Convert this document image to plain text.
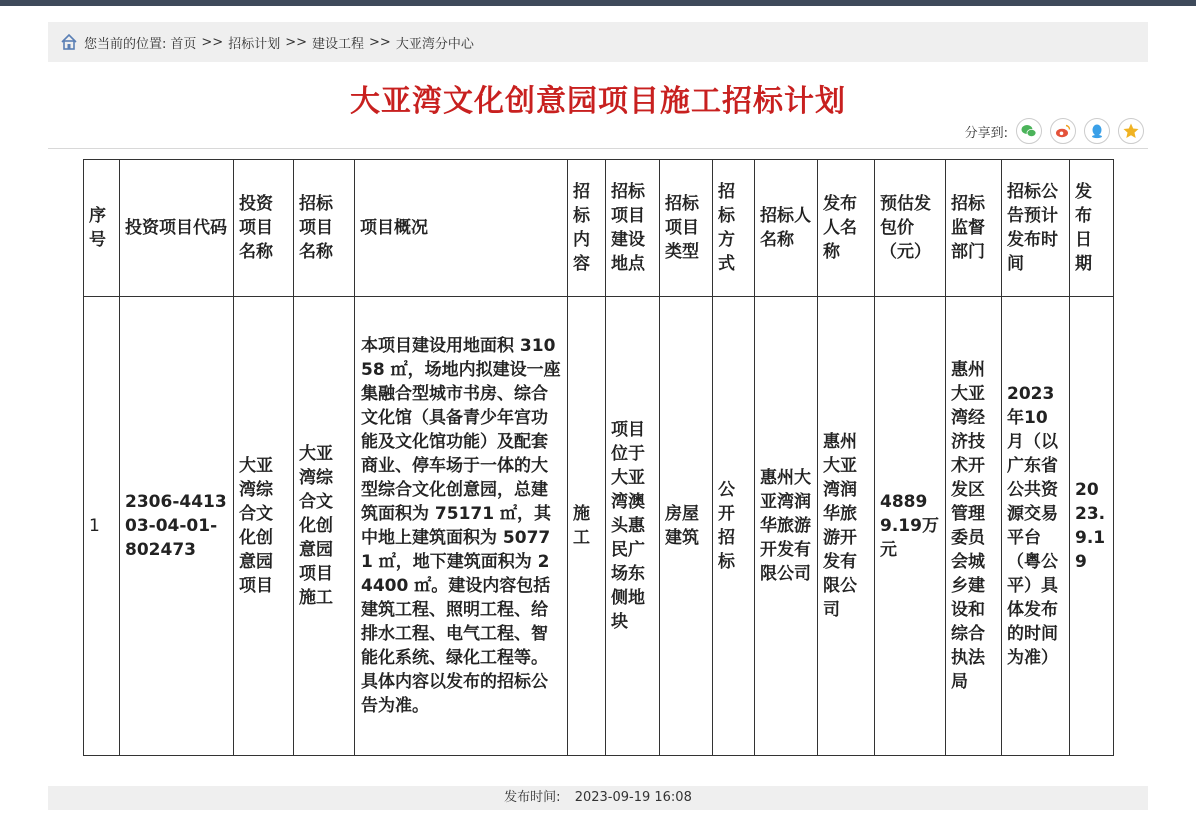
您当前的位置: 首页 >> 招标计划 >> 建设工程 >> 大亚湾分中心
大亚湾文化创意园项目施工招标计划
分享到:
序号	投资项目代码	投资项目名称	招标项目名称	项目概况	招标内容	招标项目建设地点	招标项目类型	招标方式	招标人名称	发布人名称	预估发包价（元）	招标监督部门	招标公告预计发布时间	发布日期
1	2306-441303-04-01-802473	大亚湾综合文化创意园项目	大亚湾综合文化创意园项目施工	本项目建设用地面积 31058 ㎡，场地内拟建设一座集融合型城市书房、综合文化馆（具备青少年宫功能及文化馆功能）及配套商业、停车场于一体的大型综合文化创意园，总建筑面积为 75171 ㎡，其中地上建筑面积为 50771 ㎡，地下建筑面积为 24400 ㎡。建设内容包括建筑工程、照明工程、给排水工程、电气工程、智能化系统、绿化工程等。具体内容以发布的招标公告为准。	施工	项目位于大亚湾澳头惠民广场东侧地块	房屋建筑	公开招标	惠州大亚湾润华旅游开发有限公司	惠州大亚湾润华旅游开发有限公司	48899.19万元	惠州大亚湾经济技术开发区管理委员会城乡建设和综合执法局	2023年10月（以广东省公共资源交易平台（粤公平）具体发布的时间为准）	2023.9.19
发布时间: 2023-09-19 16:08
